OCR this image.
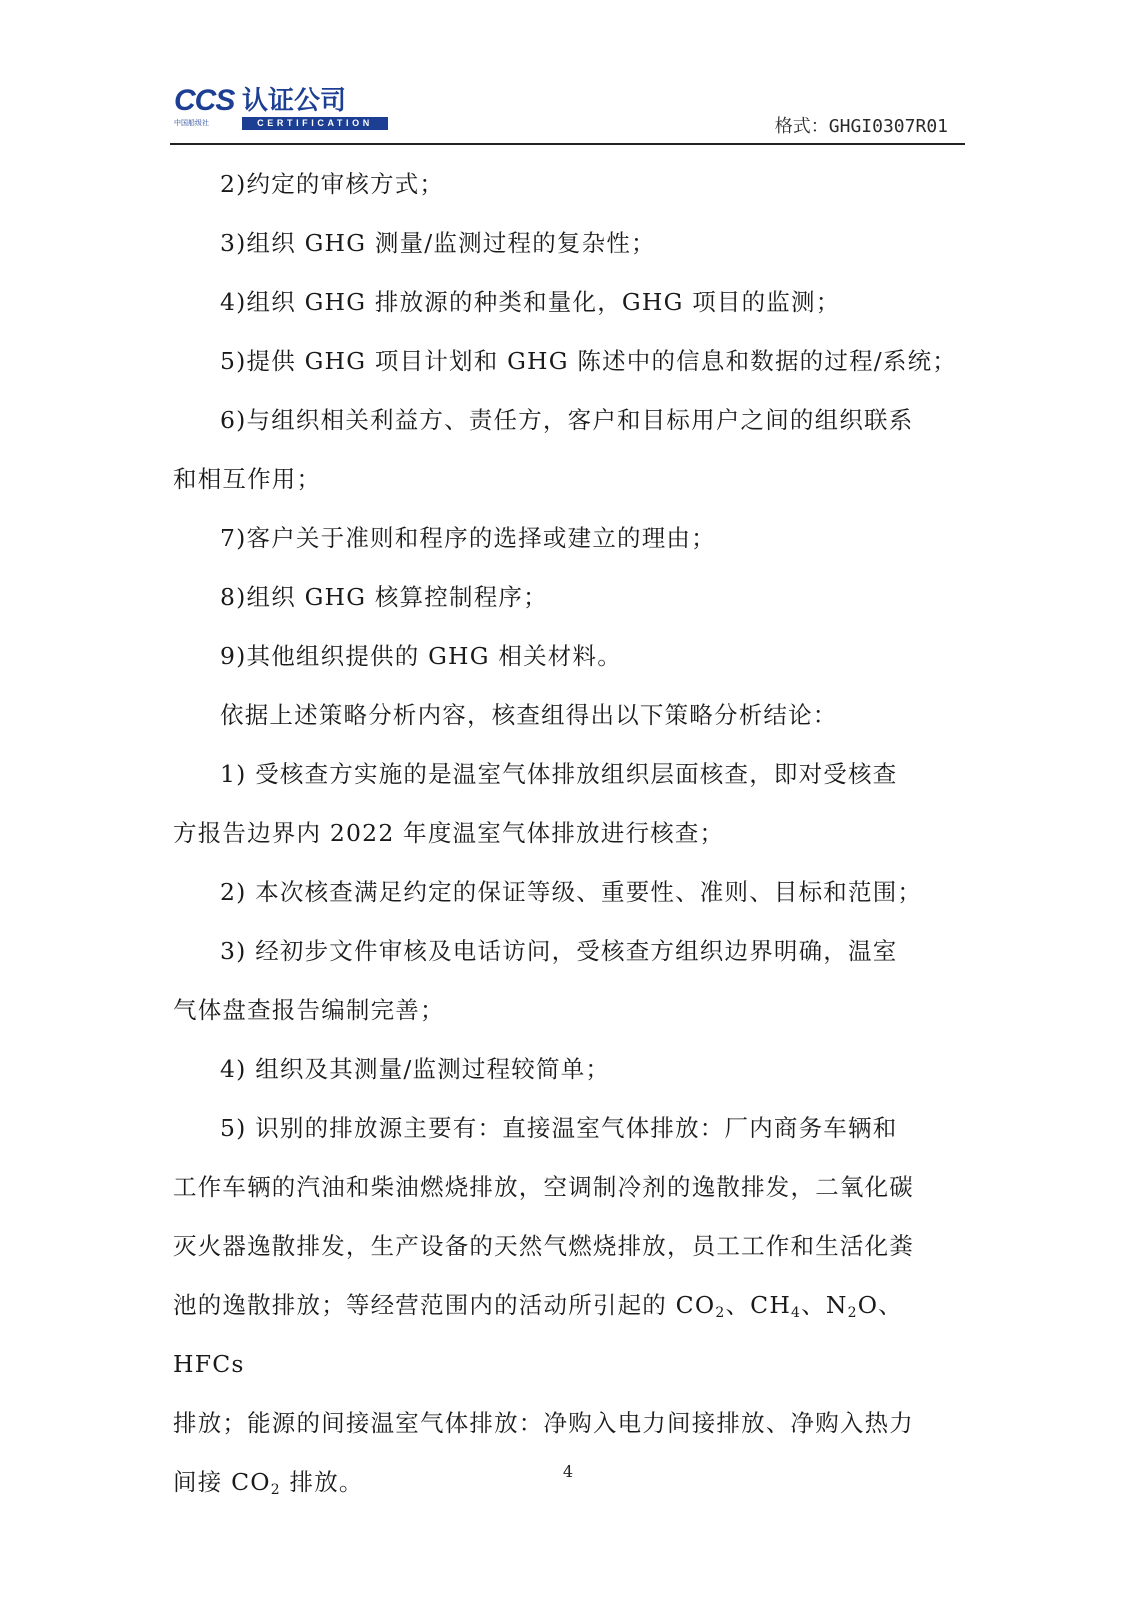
CCS 认证公司
中国船级社	CERTIFICATION	格式：GHGI0307R01

2)约定的审核方式；

3)组织 GHG 测量/监测过程的复杂性；

4)组织 GHG 排放源的种类和量化，GHG 项目的监测；

5)提供 GHG 项目计划和 GHG 陈述中的信息和数据的过程/系统；

6)与组织相关利益方、责任方，客户和目标用户之间的组织联系
和相互作用；

7)客户关于准则和程序的选择或建立的理由；

8)组织 GHG 核算控制程序；

9)其他组织提供的 GHG 相关材料。

依据上述策略分析内容，核查组得出以下策略分析结论：

1) 受核查方实施的是温室气体排放组织层面核查，即对受核查
方报告边界内 2022 年度温室气体排放进行核查；

2) 本次核查满足约定的保证等级、重要性、准则、目标和范围；

3) 经初步文件审核及电话访问，受核查方组织边界明确，温室
气体盘查报告编制完善；

4) 组织及其测量/监测过程较简单；

5) 识别的排放源主要有：直接温室气体排放：厂内商务车辆和
工作车辆的汽油和柴油燃烧排放，空调制冷剂的逸散排发，二氧化碳
灭火器逸散排发，生产设备的天然气燃烧排放，员工工作和生活化粪
池的逸散排放；等经营范围内的活动所引起的 $CO_2$、$CH_4$、$N_2O$、HFCs
排放；能源的间接温室气体排放：净购入电力间接排放、净购入热力
间接 $CO_2$ 排放。	4
